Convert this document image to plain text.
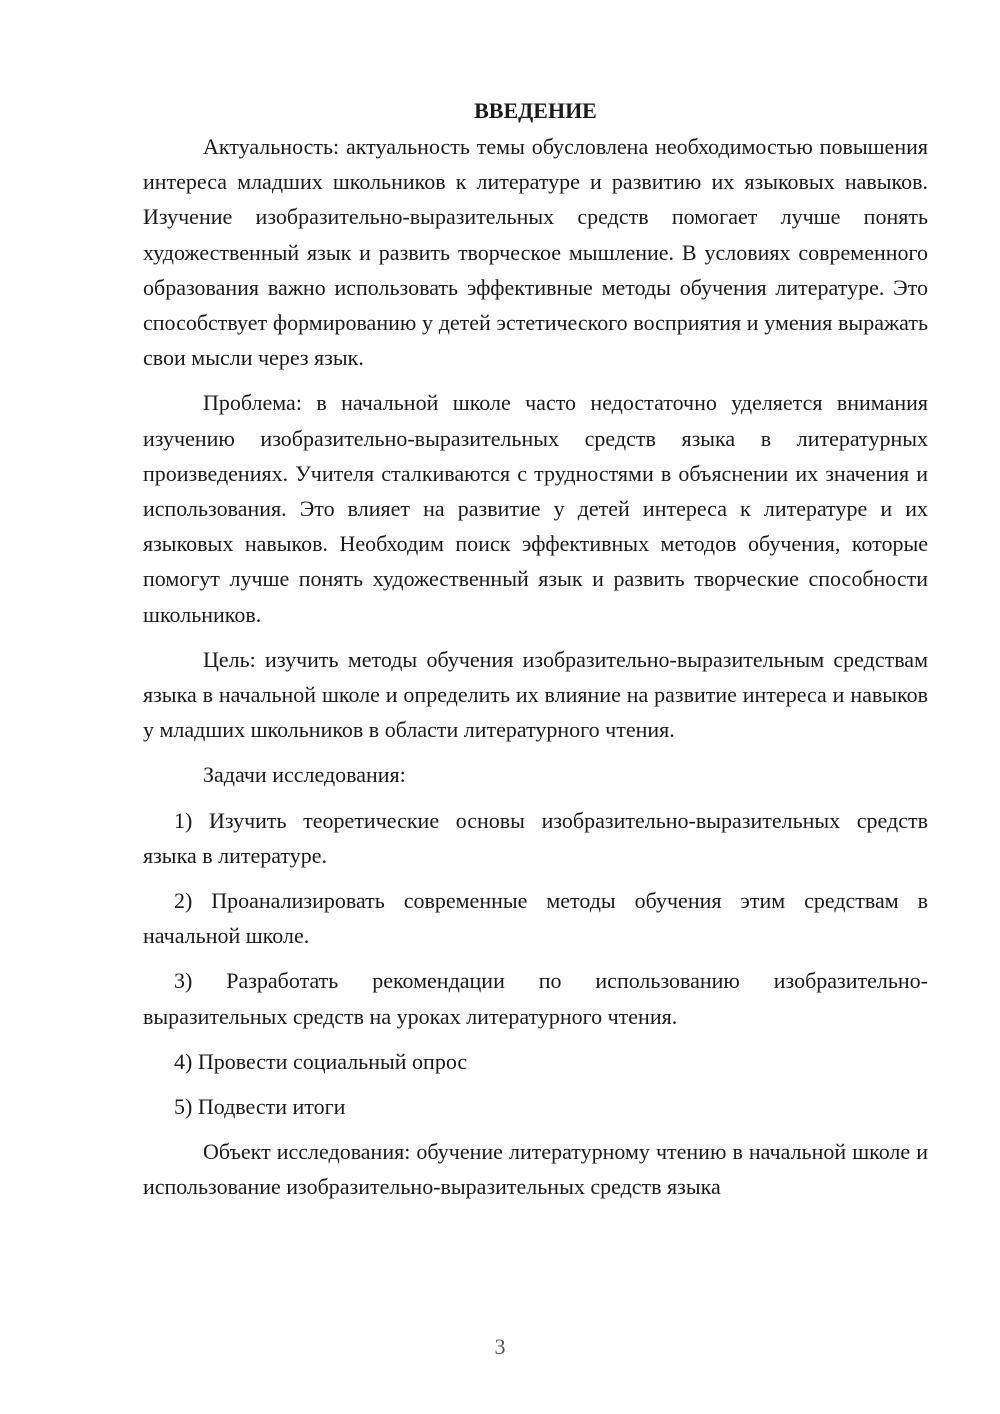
ВВЕДЕНИЕ

Актуальность: актуальность темы обусловлена необходимостью повышения интереса младших школьников к литературе и развитию их языковых навыков. Изучение изобразительно-выразительных средств помогает лучше понять художественный язык и развить творческое мышление. В условиях современного образования важно использовать эффективные методы обучения литературе. Это способствует формированию у детей эстетического восприятия и умения выражать свои мысли через язык.

Проблема: в начальной школе часто недостаточно уделяется внимания изучению изобразительно-выразительных средств языка в литературных произведениях. Учителя сталкиваются с трудностями в объяснении их значения и использования. Это влияет на развитие у детей интереса к литературе и их языковых навыков. Необходим поиск эффективных методов обучения, которые помогут лучше понять художественный язык и развить творческие способности школьников.

Цель: изучить методы обучения изобразительно-выразительным средствам языка в начальной школе и определить их влияние на развитие интереса и навыков у младших школьников в области литературного чтения.

Задачи исследования:

1) Изучить теоретические основы изобразительно-выразительных средств языка в литературе.

2) Проанализировать современные методы обучения этим средствам в начальной школе.

3) Разработать рекомендации по использованию изобразительно-выразительных средств на уроках литературного чтения.

4) Провести социальный опрос

5) Подвести итоги

Объект исследования: обучение литературному чтению в начальной школе и использование изобразительно-выразительных средств языка

3
